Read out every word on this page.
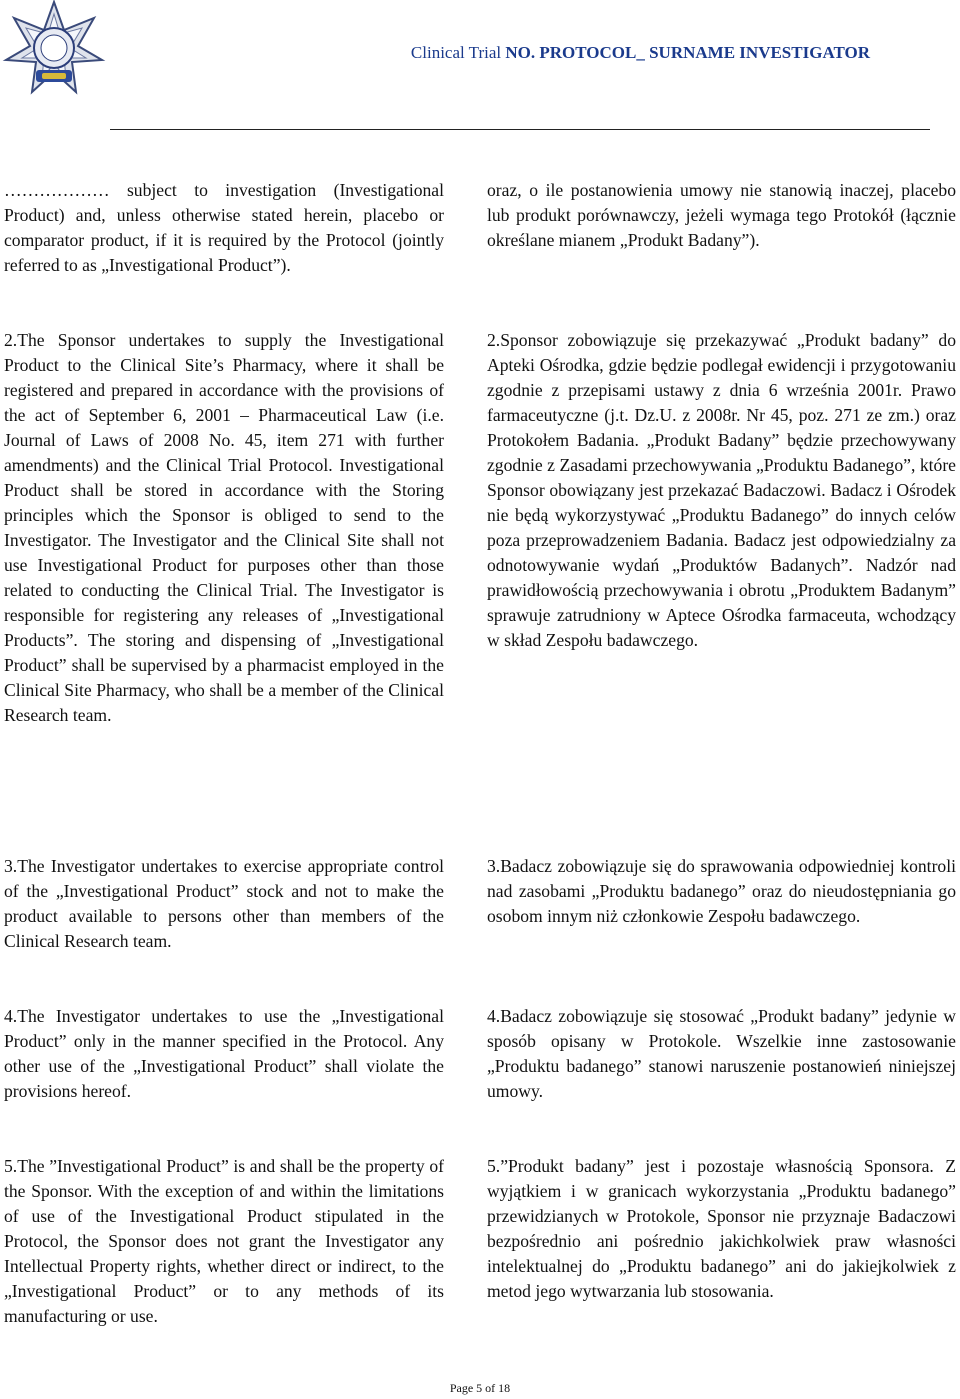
Clinical Trial NO. PROTOCOL_ SURNAME INVESTIGATOR

……………… subject to investigation (Investigational Product) and, unless otherwise stated herein, placebo or comparator product, if it is required by the Protocol (jointly referred to as „Investigational Product”).

oraz, o ile postanowienia umowy nie stanowią inaczej, placebo lub produkt porównawczy, jeżeli wymaga tego Protokół (łącznie określane mianem „Produkt Badany”).

2.The Sponsor undertakes to supply the Investigational Product to the Clinical Site’s Pharmacy, where it shall be registered and prepared in accordance with the provisions of the act of September 6, 2001 – Pharmaceutical Law (i.e. Journal of Laws of 2008 No. 45, item 271 with further amendments) and the Clinical Trial Protocol. Investigational Product shall be stored in accordance with the Storing principles which the Sponsor is obliged to send to the Investigator. The Investigator and the Clinical Site shall not use Investigational Product for purposes other than those related to conducting the Clinical Trial. The Investigator is responsible for registering any releases of „Investigational Products”. The storing and dispensing of „Investigational Product” shall be supervised by a pharmacist employed in the Clinical Site Pharmacy, who shall be a member of the Clinical Research team.

2.Sponsor zobowiązuje się przekazywać „Produkt badany” do Apteki Ośrodka, gdzie będzie podlegał ewidencji i przygotowaniu zgodnie z przepisami ustawy z dnia 6 września 2001r. Prawo farmaceutyczne (j.t. Dz.U. z 2008r. Nr 45, poz. 271 ze zm.) oraz Protokołem Badania. „Produkt Badany” będzie przechowywany zgodnie z Zasadami przechowywania „Produktu Badanego”, które Sponsor obowiązany jest przekazać Badaczowi. Badacz i Ośrodek nie będą wykorzystywać „Produktu Badanego” do innych celów poza przeprowadzeniem Badania. Badacz jest odpowiedzialny za odnotowywanie wydań „Produktów Badanych”. Nadzór nad prawidłowością przechowywania i obrotu „Produktem Badanym” sprawuje zatrudniony w Aptece Ośrodka farmaceuta, wchodzący w skład Zespołu badawczego.

3.The Investigator undertakes to exercise appropriate control of the „Investigational Product” stock and not to make the product available to persons other than members of the Clinical Research team.

3.Badacz zobowiązuje się do sprawowania odpowiedniej kontroli nad zasobami „Produktu badanego” oraz do nieudostępniania go osobom innym niż członkowie Zespołu badawczego.

4.The Investigator undertakes to use the „Investigational Product” only in the manner specified in the Protocol. Any other use of the „Investigational Product” shall violate the provisions hereof.

4.Badacz zobowiązuje się stosować „Produkt badany” jedynie w sposób opisany w Protokole. Wszelkie inne zastosowanie „Produktu badanego” stanowi naruszenie postanowień niniejszej umowy.

5.The ”Investigational Product” is and shall be the property of the Sponsor. With the exception of and within the limitations of use of the Investigational Product stipulated in the Protocol, the Sponsor does not grant the Investigator any Intellectual Property rights, whether direct or indirect, to the „Investigational Product” or to any methods of its manufacturing or use.

5.”Produkt badany” jest i pozostaje własnością Sponsora. Z wyjątkiem i w granicach wykorzystania „Produktu badanego” przewidzianych w Protokole, Sponsor nie przyznaje Badaczowi bezpośrednio ani pośrednio jakichkolwiek praw własności intelektualnej do „Produktu badanego” ani do jakiejkolwiek z metod jego wytwarzania lub stosowania.

Page 5 of 18
